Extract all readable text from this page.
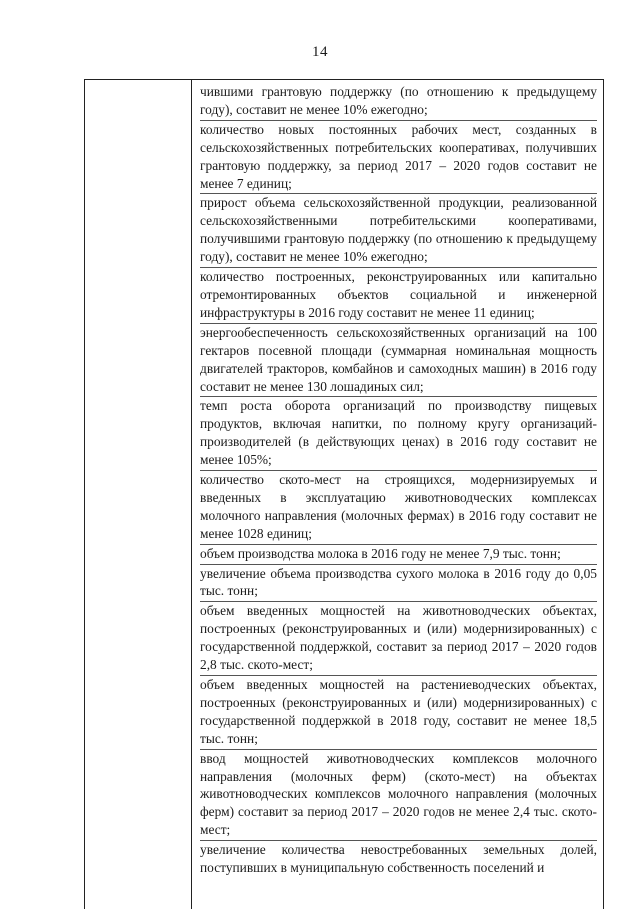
14

чившими грантовую поддержку (по отношению к предыдущему году), составит не менее 10% ежегодно;

количество новых постоянных рабочих мест, созданных в сельскохозяйственных потребительских кооперативах, получивших грантовую поддержку, за период 2017 – 2020 годов составит не менее 7 единиц;

прирост объема сельскохозяйственной продукции, реализованной сельскохозяйственными потребительскими кооперативами, получившими грантовую поддержку (по отношению к предыдущему году), составит не менее 10% ежегодно;

количество построенных, реконструированных или капитально отремонтированных объектов социальной и инженерной инфраструктуры в 2016 году составит не менее 11 единиц;

энергообеспеченность сельскохозяйственных организаций на 100 гектаров посевной площади (суммарная номинальная мощность двигателей тракторов, комбайнов и самоходных машин) в 2016 году составит не менее 130 лошадиных сил;

темп роста оборота организаций по производству пищевых продуктов, включая напитки, по полному кругу организаций-производителей (в действующих ценах) в 2016 году составит не менее 105%;

количество ското-мест на строящихся, модернизируемых и введенных в эксплуатацию животноводческих комплексах молочного направления (молочных фермах) в 2016 году составит не менее 1028 единиц;

объем производства молока в 2016 году не менее 7,9 тыс. тонн;

увеличение объема производства сухого молока в 2016 году до 0,05 тыс. тонн;

объем введенных мощностей на животноводческих объектах, построенных (реконструированных и (или) модернизированных) с государственной поддержкой, составит за период 2017 – 2020 годов 2,8 тыс. ското-мест;

объем введенных мощностей на растениеводческих объектах, построенных (реконструированных и (или) модернизированных) с государственной поддержкой в 2018 году, составит не менее 18,5 тыс. тонн;

ввод мощностей животноводческих комплексов молочного направления (молочных ферм) (ското-мест) на объектах животноводческих комплексов молочного направления (молочных ферм) составит за период 2017 – 2020 годов не менее 2,4 тыс. ското-мест;

увеличение количества невостребованных земельных долей, поступивших в муниципальную собственность поселений и
